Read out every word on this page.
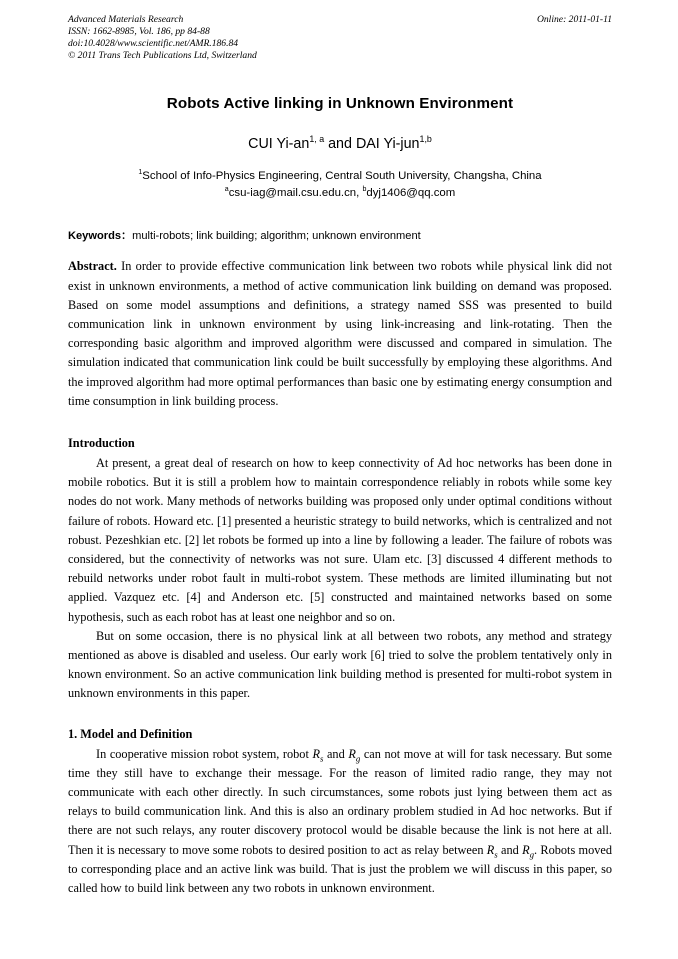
Advanced Materials Research
ISSN: 1662-8985, Vol. 186, pp 84-88
doi:10.4028/www.scientific.net/AMR.186.84
© 2011 Trans Tech Publications Ltd, Switzerland
Online: 2011-01-11
Robots Active linking in Unknown Environment
CUI Yi-an$^{1, a}$ and DAI Yi-jun$^{1,b}$
$^1$School of Info-Physics Engineering, Central South University, Changsha, China
$^a$csu-iag@mail.csu.edu.cn, $^b$dyj1406@qq.com
Keywords：multi-robots; link building; algorithm; unknown environment
Abstract. In order to provide effective communication link between two robots while physical link did not exist in unknown environments, a method of active communication link building on demand was proposed. Based on some model assumptions and definitions, a strategy named SSS was presented to build communication link in unknown environment by using link-increasing and link-rotating. Then the corresponding basic algorithm and improved algorithm were discussed and compared in simulation. The simulation indicated that communication link could be built successfully by employing these algorithms. And the improved algorithm had more optimal performances than basic one by estimating energy consumption and time consumption in link building process.
Introduction

At present, a great deal of research on how to keep connectivity of Ad hoc networks has been done in mobile robotics. But it is still a problem how to maintain correspondence reliably in robots while some key nodes do not work. Many methods of networks building was proposed only under optimal conditions without failure of robots. Howard etc. [1] presented a heuristic strategy to build networks, which is centralized and not robust. Pezeshkian etc. [2] let robots be formed up into a line by following a leader. The failure of robots was considered, but the connectivity of networks was not sure. Ulam etc. [3] discussed 4 different methods to rebuild networks under robot fault in multi-robot system. These methods are limited illuminating but not applied. Vazquez etc. [4] and Anderson etc. [5] constructed and maintained networks based on some hypothesis, such as each robot has at least one neighbor and so on.

But on some occasion, there is no physical link at all between two robots, any method and strategy mentioned as above is disabled and useless. Our early work [6] tried to solve the problem tentatively only in known environment. So an active communication link building method is presented for multi-robot system in unknown environments in this paper.

1. Model and Definition

In cooperative mission robot system, robot $R_s$ and $R_g$ can not move at will for task necessary. But some time they still have to exchange their message. For the reason of limited radio range, they may not communicate with each other directly. In such circumstances, some robots just lying between them act as relays to build communication link. And this is also an ordinary problem studied in Ad hoc networks. But if there are not such relays, any router discovery protocol would be disable because the link is not here at all. Then it is necessary to move some robots to desired position to act as relay between $R_s$ and $R_g$. Robots moved to corresponding place and an active link was build. That is just the problem we will discuss in this paper, so called how to build link between any two robots in unknown environment.
